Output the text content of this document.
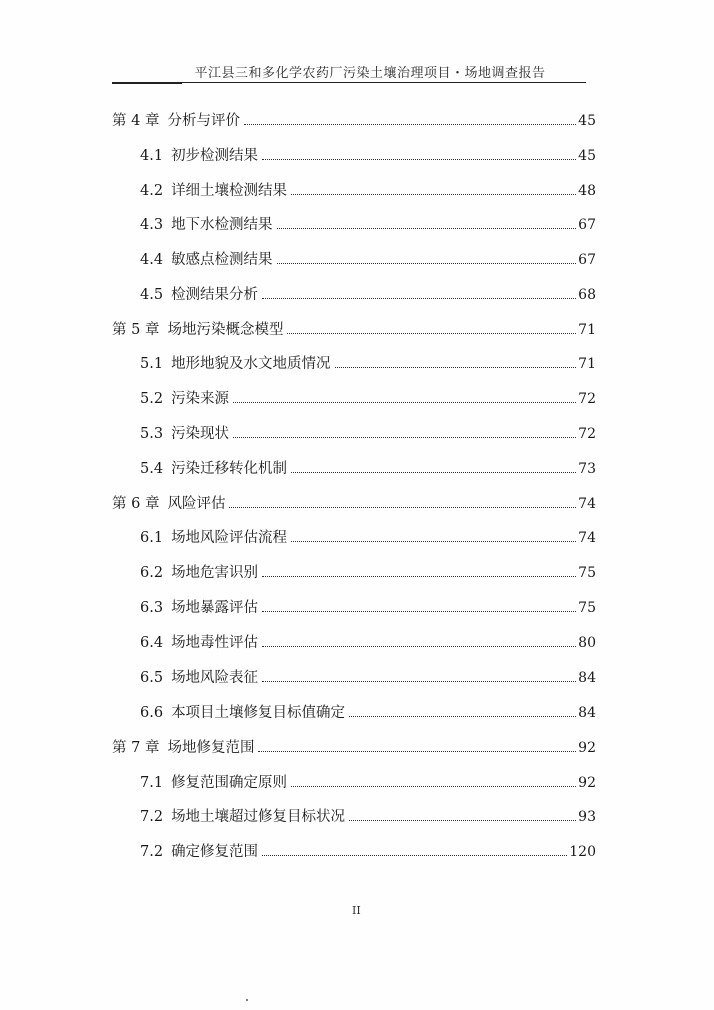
平江县三和多化学农药厂污染土壤治理项目・场地调查报告
第 4 章 分析与评价	45
4.1 初步检测结果	45
4.2 详细土壤检测结果	48
4.3 地下水检测结果	67
4.4 敏感点检测结果	67
4.5 检测结果分析	68
第 5 章 场地污染概念模型	71
5.1 地形地貌及水文地质情况	71
5.2 污染来源	72
5.3 污染现状	72
5.4 污染迁移转化机制	73
第 6 章 风险评估	74
6.1 场地风险评估流程	74
6.2 场地危害识别	75
6.3 场地暴露评估	75
6.4 场地毒性评估	80
6.5 场地风险表征	84
6.6 本项目土壤修复目标值确定	84
第 7 章 场地修复范围	92
7.1 修复范围确定原则	92
7.2 场地土壤超过修复目标状况	93
7.2 确定修复范围	120
II
